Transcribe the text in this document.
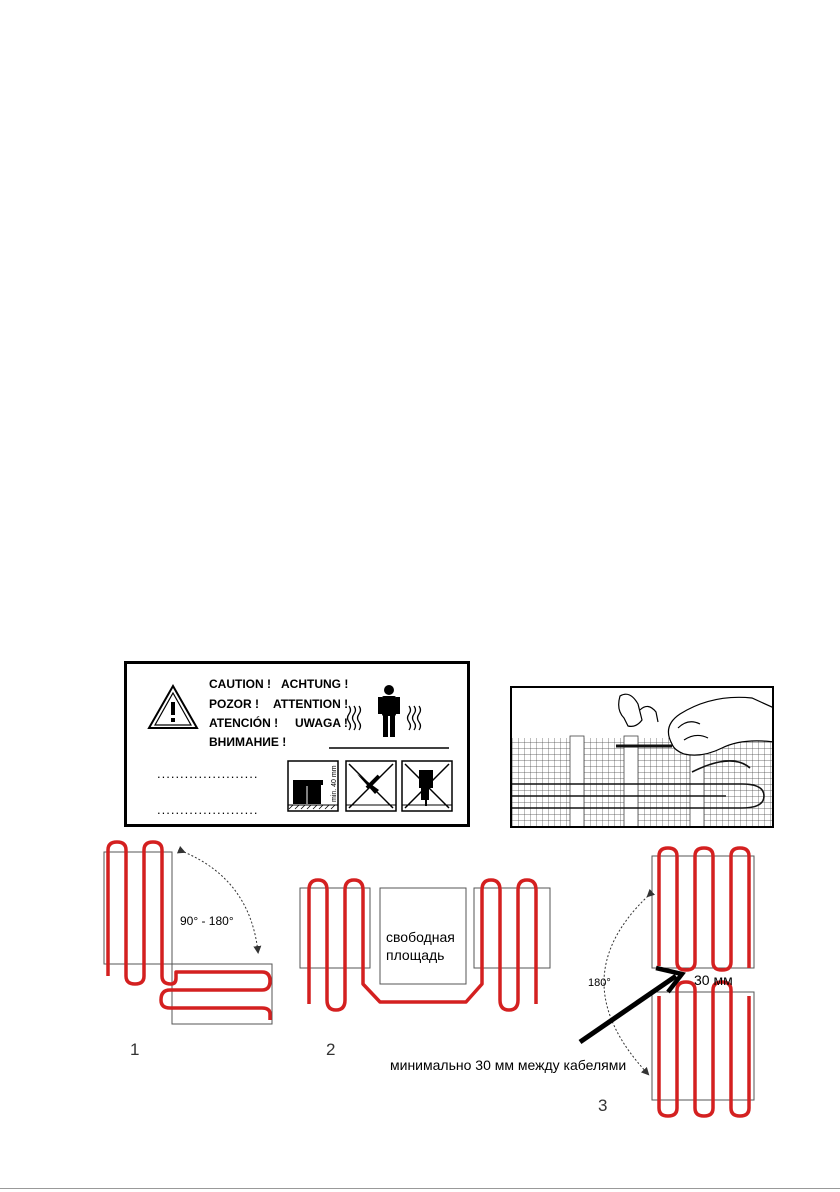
CAUTION ! ACHTUNG !
POZOR ! ATTENTION !
ATENCIÓN ! UWAGA !
ВНИМАНИЕ !
......................
......................
min. 40 mm
90° - 180°
свободная
площадь
180°	30 мм
минимально 30 мм между кабелями
1	2
3
